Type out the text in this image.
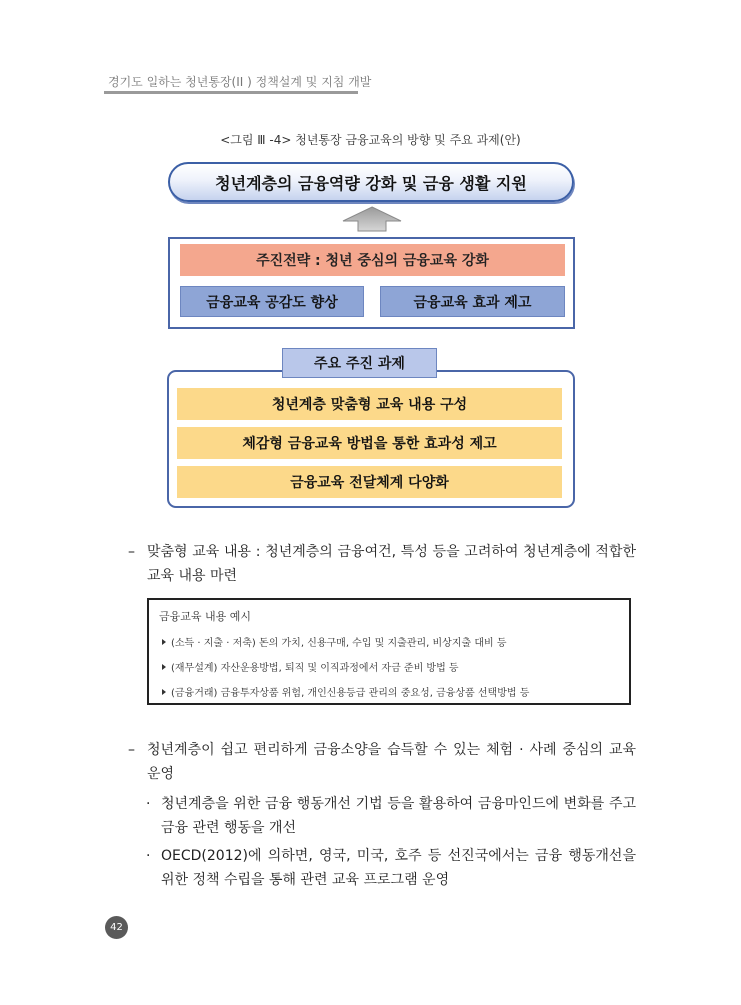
경기도 일하는 청년통장(II ) 정책설계 및 지침 개발
<그림 Ⅲ -4> 청년통장 금융교육의 방향 및 주요 과제(안)
청년계층의 금융역량 강화 및 금융 생활 지원
주진전략 : 청년 중심의 금융교육 강화
금융교육 공감도 향상	금융교육 효과 제고
주요 주진 과제
청년계층 맞춤형 교육 내용 구성
체감형 금융교육 방법을 통한 효과성 제고
금융교육 전달체계 다양화
– 맞춤형 교육 내용 : 청년계층의 금융여건, 특성 등을 고려하여 청년계층에 적합한 교육 내용 마련
금융교육 내용 예시
(소득 · 지출 · 저축) 돈의 가치, 신용구매, 수입 및 지출관리, 비상지출 대비 등
(재무설계) 자산운용방법, 퇴직 및 이직과정에서 자금 준비 방법 등
(금융거래) 금융투자상품 위험, 개인신용등급 관리의 중요성, 금융상품 선택방법 등
– 청년계층이 쉽고 편리하게 금융소양을 습득할 수 있는 체험 · 사례 중심의 교육 운영
· 청년계층을 위한 금융 행동개선 기법 등을 활용하여 금융마인드에 변화를 주고 금융 관련 행동을 개선
· OECD(2012)에 의하면, 영국, 미국, 호주 등 선진국에서는 금융 행동개선을 위한 정책 수립을 통해 관련 교육 프로그램 운영
42
